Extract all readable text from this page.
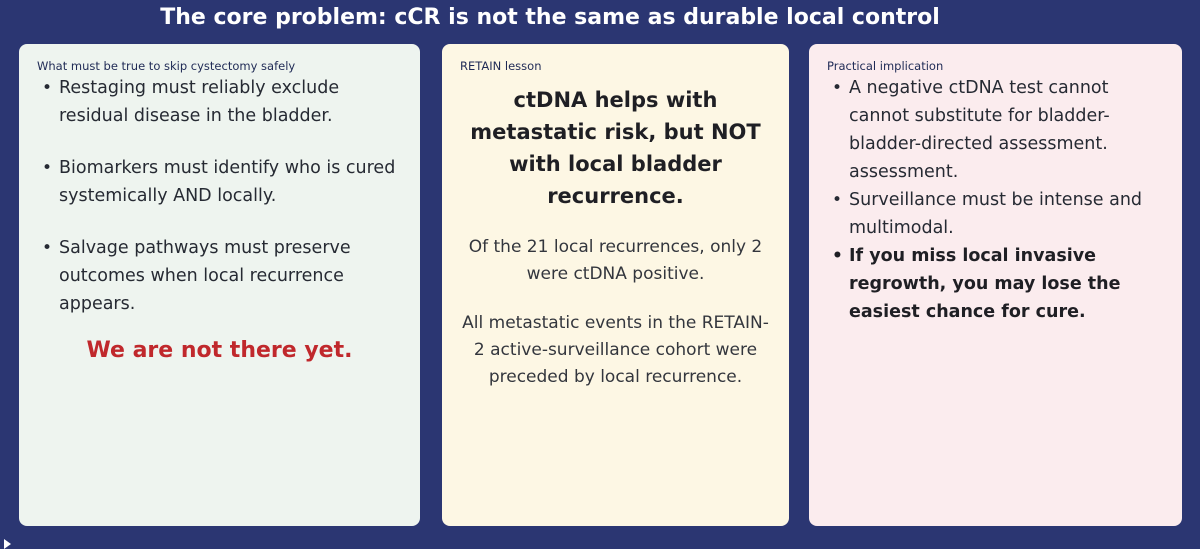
The core problem: cCR is not the same as durable local control

What must be true to skip cystectomy safely

• Restaging must reliably exclude residual disease in the bladder.
• Biomarkers must identify who is cured systemically AND locally.
• Salvage pathways must preserve outcomes when local recurrence appears.
We are not there yet.

RETAIN lesson

ctDNA helps with metastatic risk, but NOT with local bladder recurrence.
Of the 21 local recurrences, only 2 were ctDNA positive.
All metastatic events in the RETAIN-2 active-surveillance cohort were preceded by local recurrence.

Practical implication

• A negative ctDNA test cannot cannot substitute for bladder-bladder-directed assessment. assessment.
• Surveillance must be intense and multimodal.
• If you miss local invasive regrowth, you may lose the easiest chance for cure.
